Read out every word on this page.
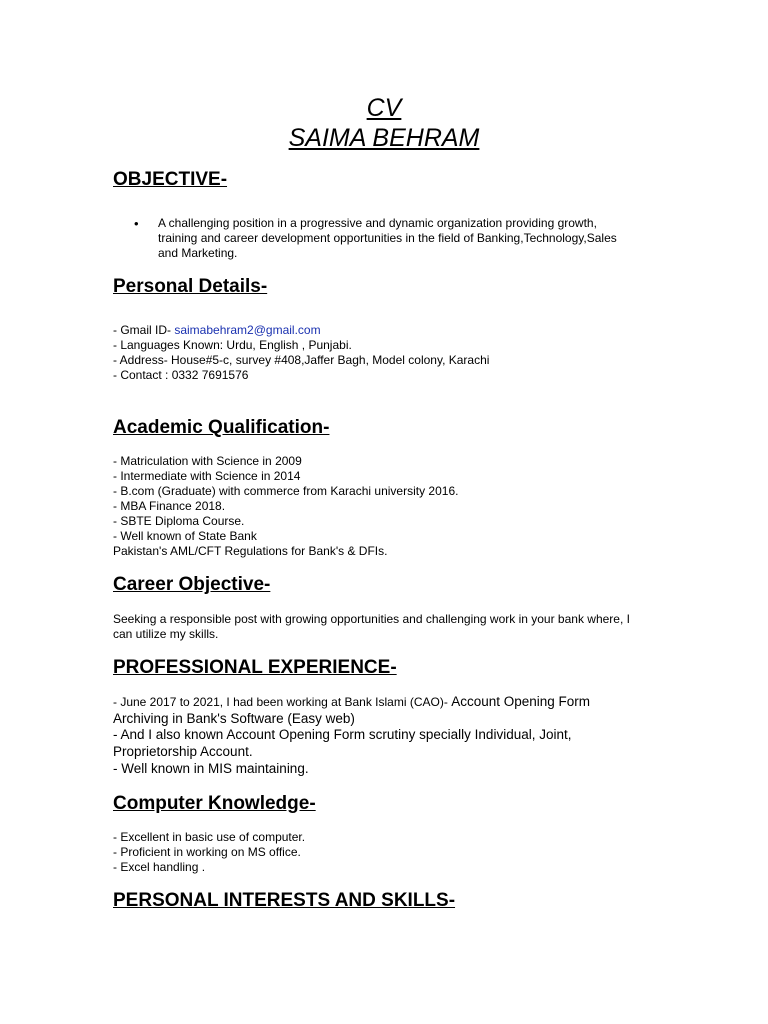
CV
SAIMA BEHRAM
OBJECTIVE-
• A challenging position in a progressive and dynamic organization providing growth,
training and career development opportunities in the field of Banking,Technology,Sales
and Marketing.
Personal Details-
- Gmail ID- saimabehram2@gmail.com
- Languages Known: Urdu, English , Punjabi.
- Address- House#5-c, survey #408,Jaffer Bagh, Model colony, Karachi
- Contact : 0332 7691576
Academic Qualification-
- Matriculation with Science in 2009
- Intermediate with Science in 2014
- B.com (Graduate) with commerce from Karachi university 2016.
- MBA Finance 2018.
- SBTE Diploma Course.
- Well known of State Bank
Pakistan's AML/CFT Regulations for Bank's & DFIs.
Career Objective-
Seeking a responsible post with growing opportunities and challenging work in your bank where, I
can utilize my skills.
PROFESSIONAL EXPERIENCE-
- June 2017 to 2021, I had been working at Bank Islami (CAO)- Account Opening Form
Archiving in Bank's Software (Easy web)
- And I also known Account Opening Form scrutiny specially Individual, Joint,
Proprietorship Account.
- Well known in MIS maintaining.
Computer Knowledge-
- Excellent in basic use of computer.
- Proficient in working on MS office.
- Excel handling .
PERSONAL INTERESTS AND SKILLS-
